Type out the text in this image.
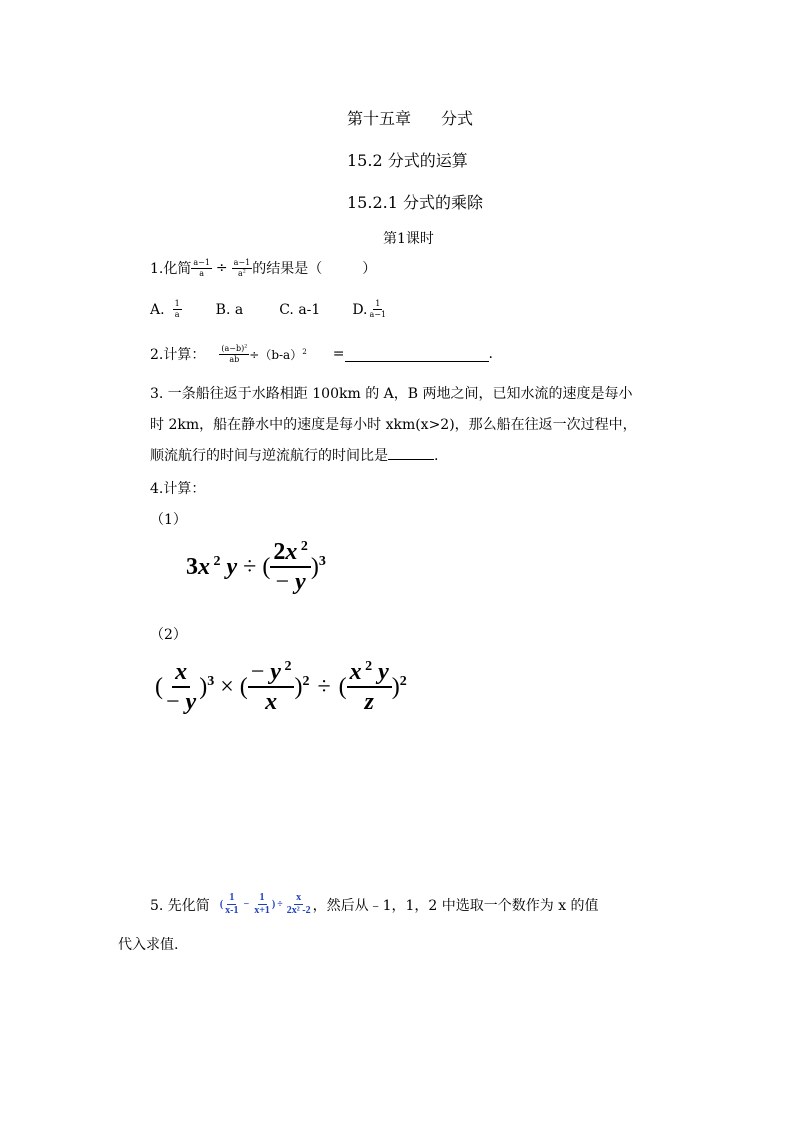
第十五章 分式
15.2 分式的运算
15.2.1 分式的乘除
第1课时
1.化简 $\frac{a-1}{a} \div \frac{a-1}{a^2}$ 的结果是（	）
A. $\frac{1}{a} B$. a	C. a-1 D. $\frac{1}{a-1}$
2.计算： $\frac{(a-b)^2}{ab} \div(b-a)^2$ =	.
3. 一条船往返于水路相距 100km 的 A，B 两地之间，已知水流的速度是每小
时 2km，船在静水中的速度是每小时 xkm(x>2)，那么船在往返一次过程中，
顺流航行的时间与逆流航行的时间比是	.
4.计算：
（1）
3x $^2$ y ÷ ( $\frac{2x ^2}{- y} )^3$
（2）
( $\frac{x}{- y} )^3$ × ( $\frac{- y ^2}{x} )^2$ ÷ ( $\frac{x ^2 y}{z} )^2$
5. 先化简 ( $\frac{1}{x-1} - \frac{1}{x+1}$ ) ÷ $\frac{x}{\text{2x² -2}}$ ，然后从﹣1，1，2 中选取一个数作为 x 的值
代入求值.
